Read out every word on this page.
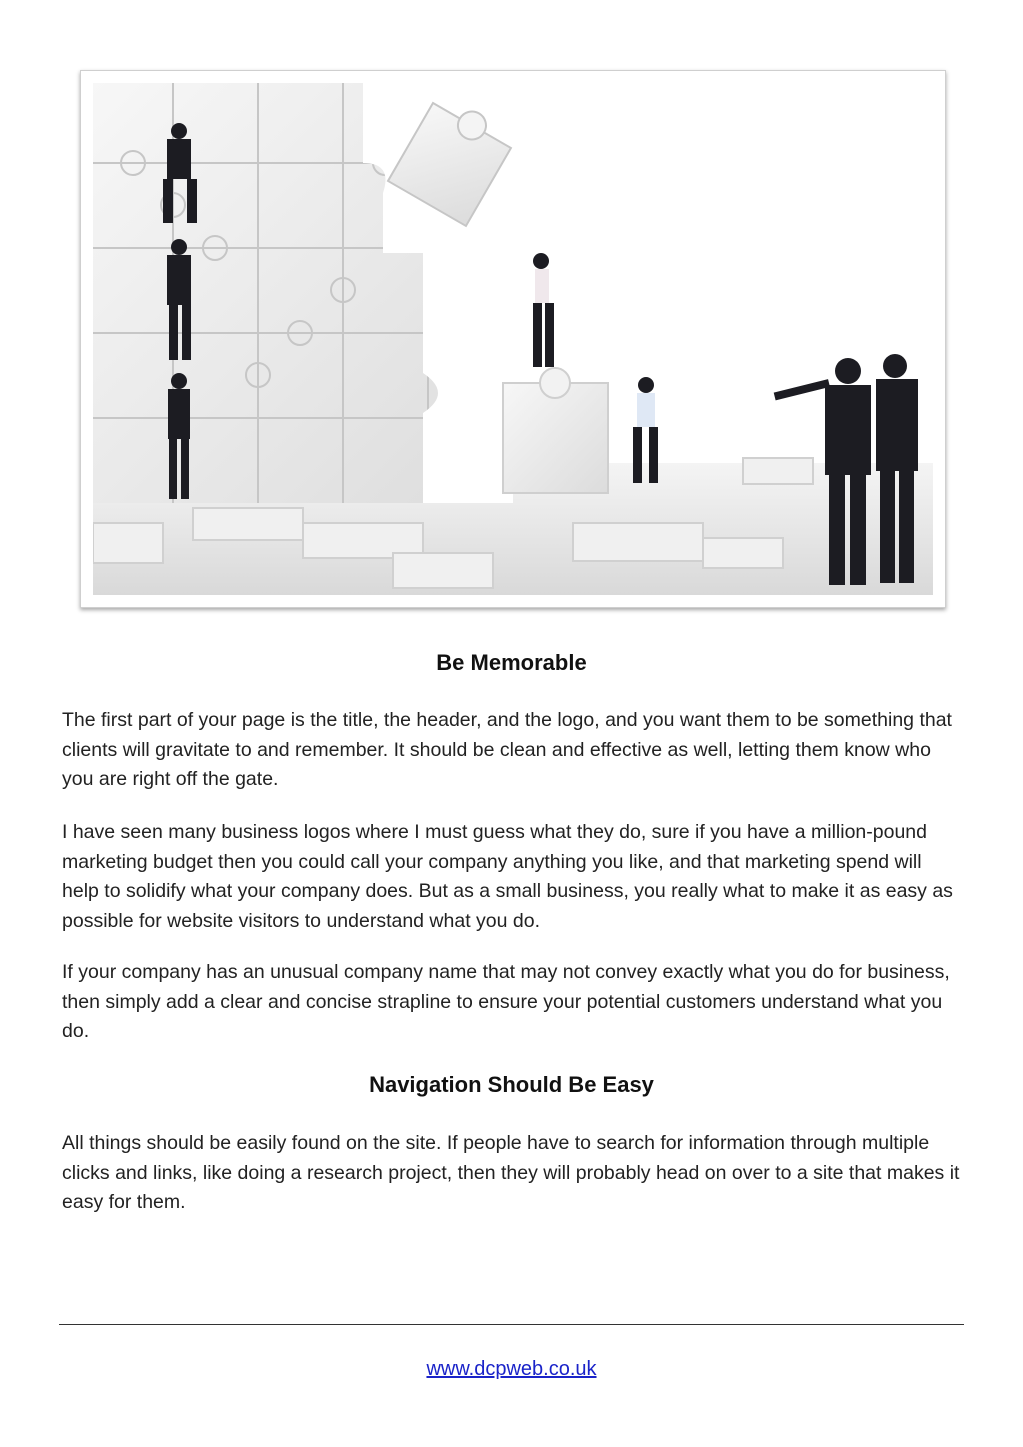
Be Memorable

The first part of your page is the title, the header, and the logo, and you want them to be something that clients will gravitate to and remember. It should be clean and effective as well, letting them know who you are right off the gate.

I have seen many business logos where I must guess what they do, sure if you have a million-pound marketing budget then you could call your company anything you like, and that marketing spend will help to solidify what your company does. But as a small business, you really what to make it as easy as possible for website visitors to understand what you do.

If your company has an unusual company name that may not convey exactly what you do for business, then simply add a clear and concise strapline to ensure your potential customers understand what you do.

Navigation Should Be Easy

All things should be easily found on the site. If people have to search for information through multiple clicks and links, like doing a research project, then they will probably head on over to a site that makes it easy for them.

www.dcpweb.co.uk
